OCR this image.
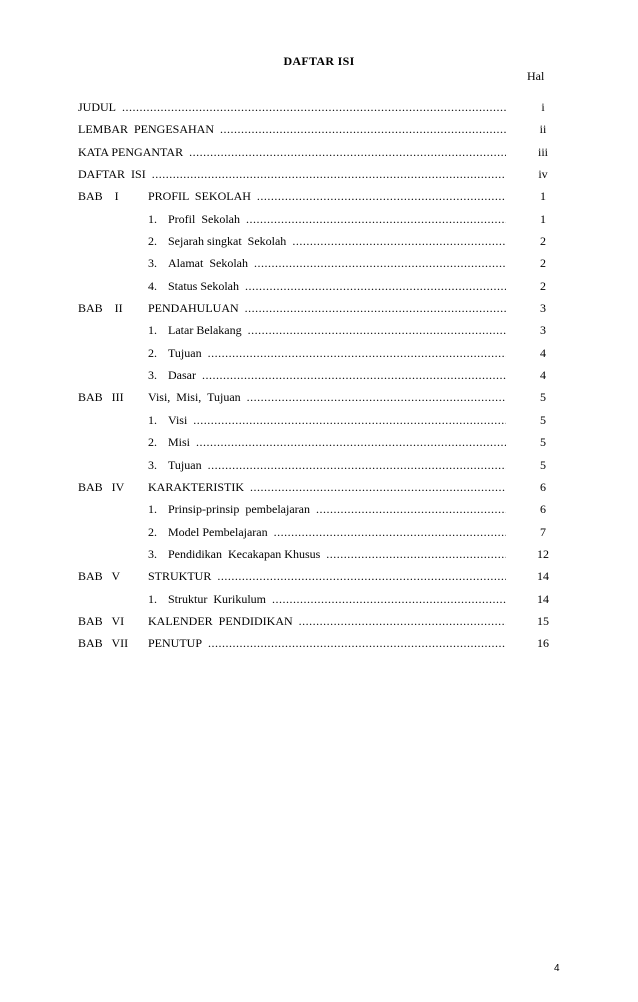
DAFTAR ISI
Hal
JUDUL .....	i
LEMBAR  PENGESAHAN .....	ii
KATA PENGANTAR .....	iii
DAFTAR  ISI .....	iv
BAB    I PROFIL  SEKOLAH .....	1
1. Profil  Sekolah .....	1
2. Sejarah singkat  Sekolah .....	2
3. Alamat  Sekolah .....	2
4. Status Sekolah .....	2
BAB    II PENDAHULUAN .....	3
1. Latar Belakang .....	3
2. Tujuan .....	4
3. Dasar .....	4
BAB   III Visi,  Misi,  Tujuan .....	5
1. Visi .....	5
2. Misi .....	5
3. Tujuan .....	5
BAB   IV KARAKTERISTIK .....	6
1. Prinsip-prinsip  pembelajaran .....	6
2. Model Pembelajaran .....	7
3. Pendidikan  Kecakapan Khusus .....	12
BAB   V STRUKTUR .....	14
1. Struktur  Kurikulum .....	14
BAB   VI KALENDER  PENDIDIKAN .....	15
BAB   VII PENUTUP .....	16
4
